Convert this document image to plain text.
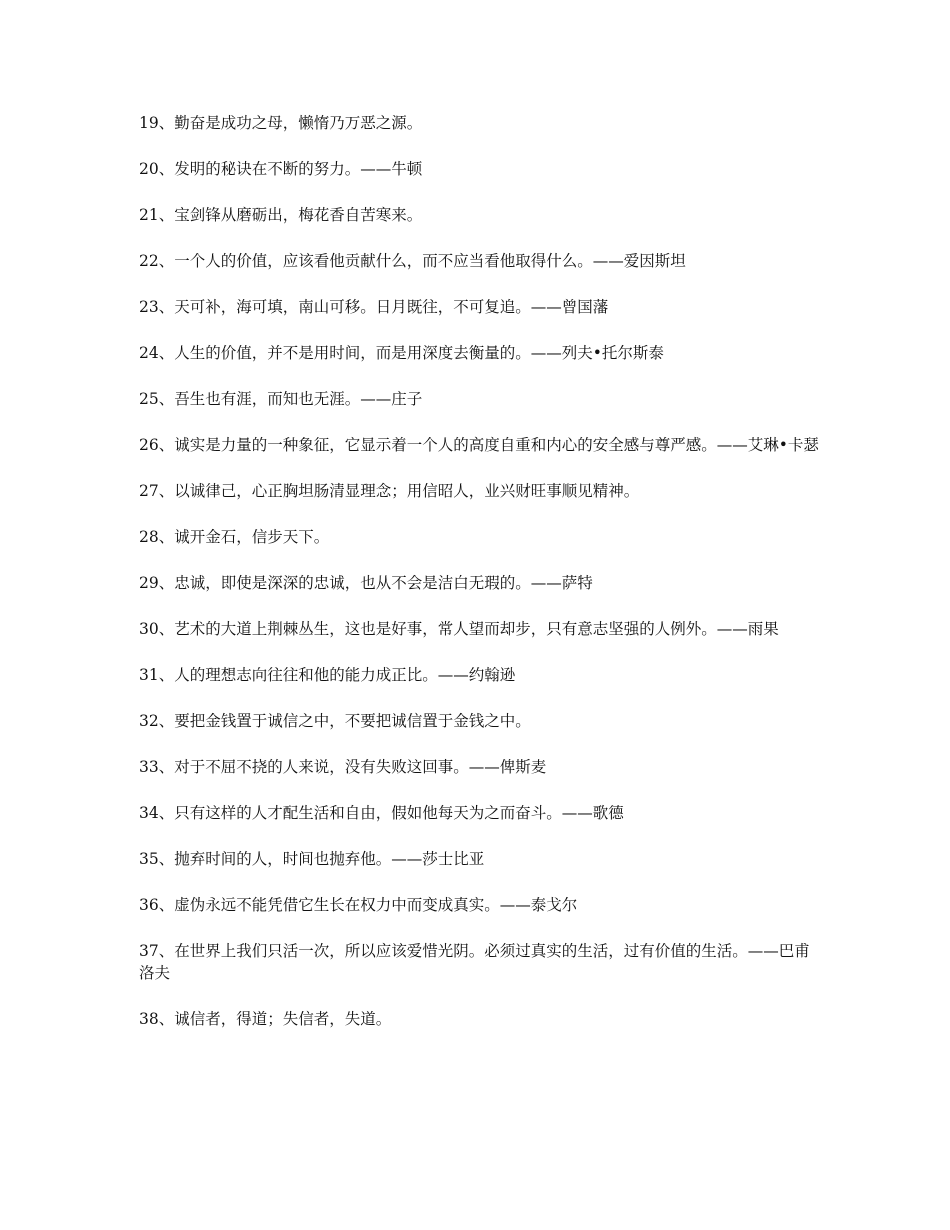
19、勤奋是成功之母，懒惰乃万恶之源。
20、发明的秘诀在不断的努力。——牛顿
21、宝剑锋从磨砺出，梅花香自苦寒来。
22、一个人的价值，应该看他贡献什么，而不应当看他取得什么。——爱因斯坦
23、天可补，海可填，南山可移。日月既往，不可复追。——曾国藩
24、人生的价值，并不是用时间，而是用深度去衡量的。——列夫•托尔斯泰
25、吾生也有涯，而知也无涯。——庄子
26、诚实是力量的一种象征，它显示着一个人的高度自重和内心的安全感与尊严感。——艾琳•卡瑟
27、以诚律己，心正胸坦肠清显理念；用信昭人，业兴财旺事顺见精神。
28、诚开金石，信步天下。
29、忠诚，即使是深深的忠诚，也从不会是洁白无瑕的。——萨特
30、艺术的大道上荆棘丛生，这也是好事，常人望而却步，只有意志坚强的人例外。——雨果
31、人的理想志向往往和他的能力成正比。——约翰逊
32、要把金钱置于诚信之中，不要把诚信置于金钱之中。
33、对于不屈不挠的人来说，没有失败这回事。——俾斯麦
34、只有这样的人才配生活和自由，假如他每天为之而奋斗。——歌德
35、抛弃时间的人，时间也抛弃他。——莎士比亚
36、虚伪永远不能凭借它生长在权力中而变成真实。——泰戈尔
37、在世界上我们只活一次，所以应该爱惜光阴。必须过真实的生活，过有价值的生活。——巴甫洛夫
38、诚信者，得道；失信者，失道。
